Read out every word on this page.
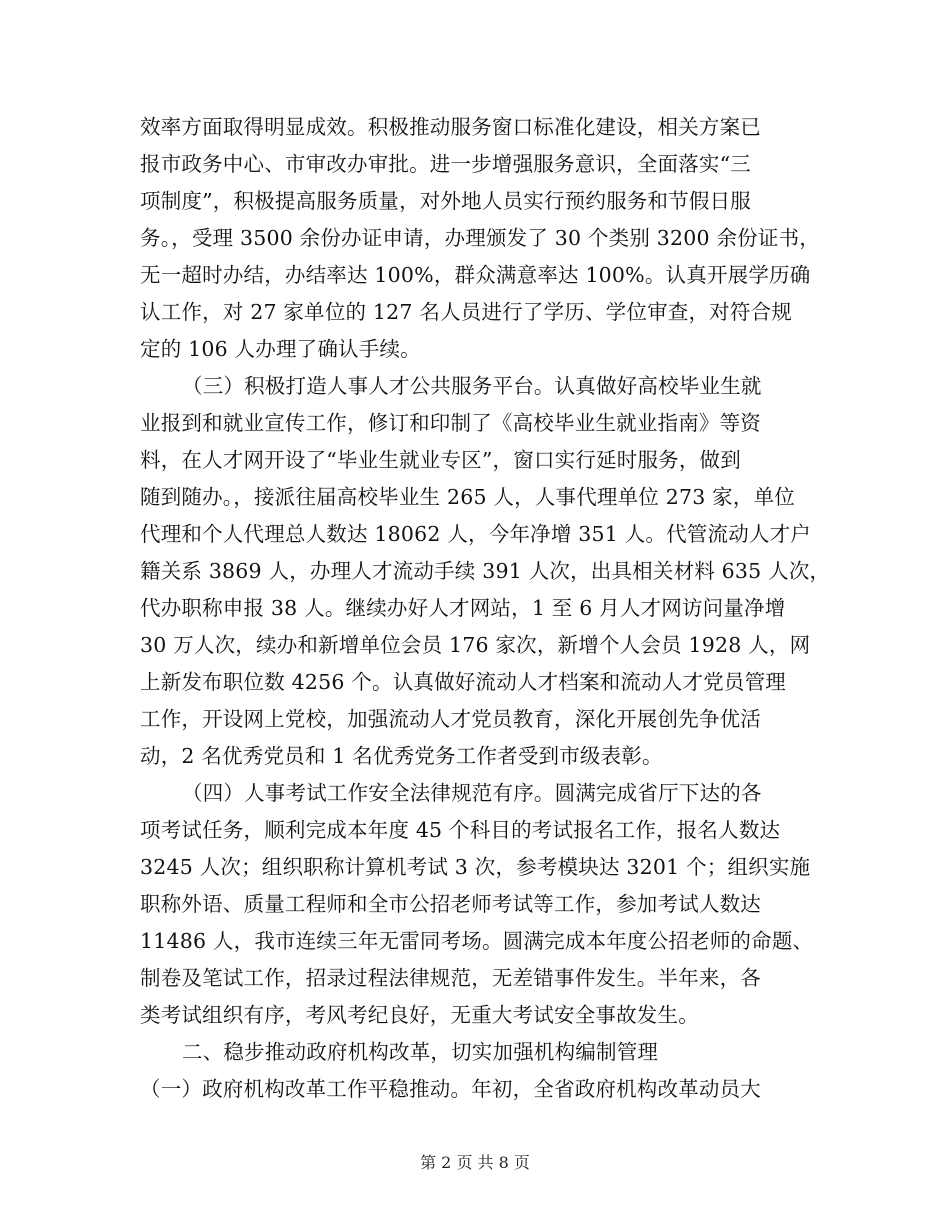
效率方面取得明显成效。积极推动服务窗口标准化建设，相关方案已
报市政务中心、市审改办审批。进一步增强服务意识，全面落实“三
项制度”，积极提高服务质量，对外地人员实行预约服务和节假日服
务。，受理 3500 余份办证申请，办理颁发了 30 个类别 3200 余份证书，
无一超时办结，办结率达 100%，群众满意率达 100%。认真开展学历确
认工作，对 27 家单位的 127 名人员进行了学历、学位审查，对符合规
定的 106 人办理了确认手续。
（三）积极打造人事人才公共服务平台。认真做好高校毕业生就
业报到和就业宣传工作，修订和印制了《高校毕业生就业指南》等资
料，在人才网开设了“毕业生就业专区”，窗口实行延时服务，做到
随到随办。，接派往届高校毕业生 265 人，人事代理单位 273 家，单位
代理和个人代理总人数达 18062 人，今年净增 351 人。代管流动人才户
籍关系 3869 人，办理人才流动手续 391 人次，出具相关材料 635 人次，
代办职称申报 38 人。继续办好人才网站，1 至 6 月人才网访问量净增
30 万人次，续办和新增单位会员 176 家次，新增个人会员 1928 人，网
上新发布职位数 4256 个。认真做好流动人才档案和流动人才党员管理
工作，开设网上党校，加强流动人才党员教育，深化开展创先争优活
动，2 名优秀党员和 1 名优秀党务工作者受到市级表彰。
（四）人事考试工作安全法律规范有序。圆满完成省厅下达的各
项考试任务，顺利完成本年度 45 个科目的考试报名工作，报名人数达
3245 人次；组织职称计算机考试 3 次，参考模块达 3201 个；组织实施
职称外语、质量工程师和全市公招老师考试等工作，参加考试人数达
11486 人，我市连续三年无雷同考场。圆满完成本年度公招老师的命题、
制卷及笔试工作，招录过程法律规范，无差错事件发生。半年来，各
类考试组织有序，考风考纪良好，无重大考试安全事故发生。
二、稳步推动政府机构改革，切实加强机构编制管理
（一）政府机构改革工作平稳推动。年初，全省政府机构改革动员大
第 2 页 共 8 页
